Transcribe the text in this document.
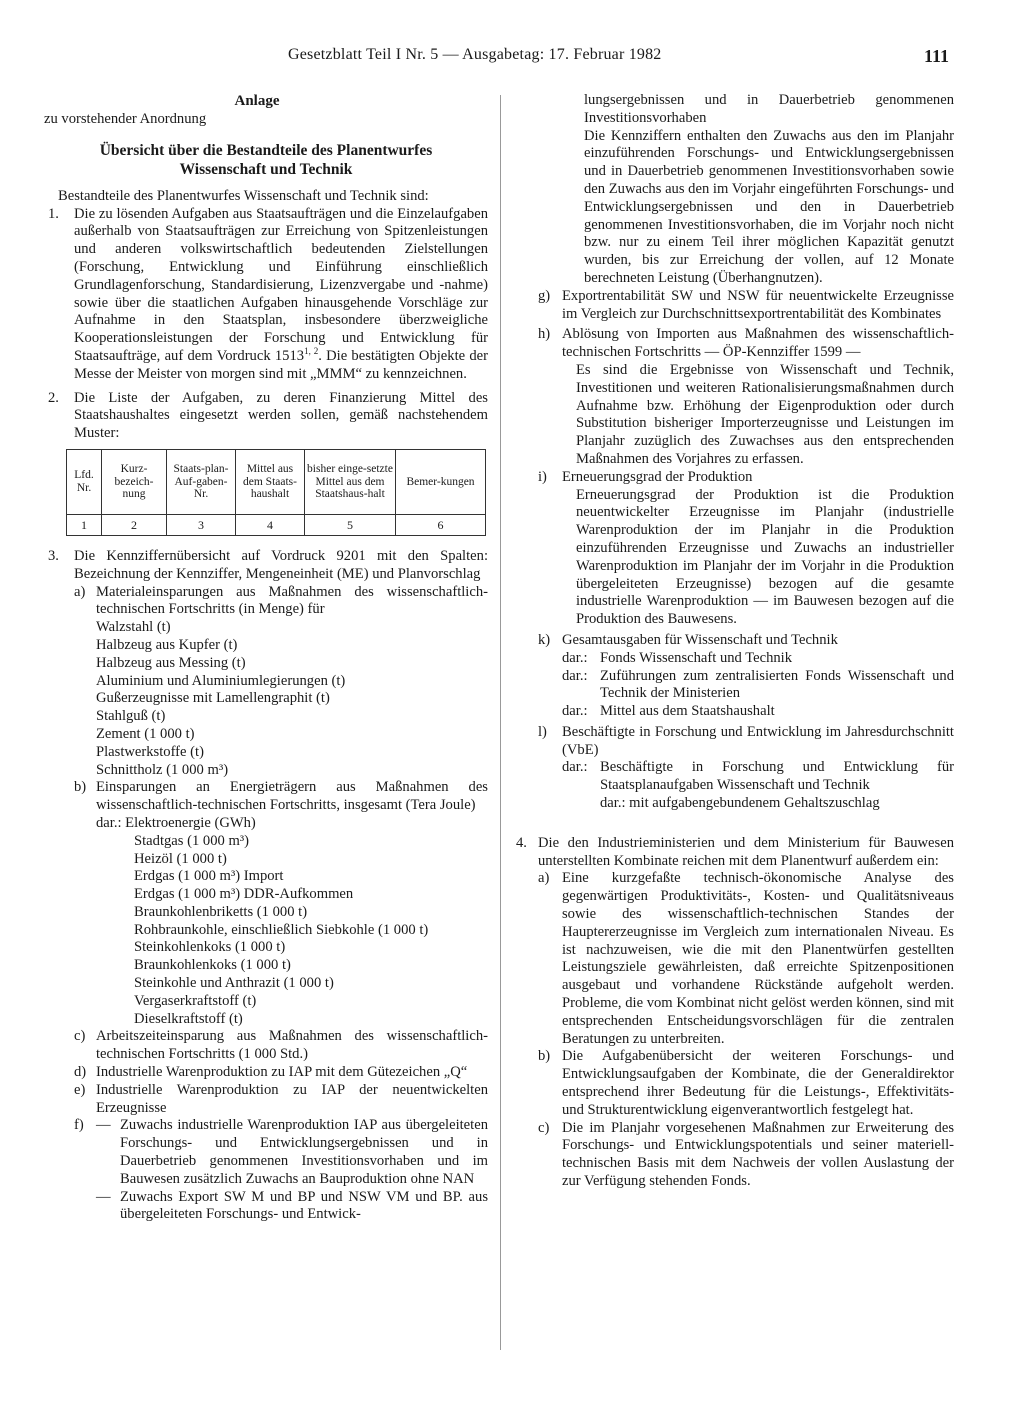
Gesetzblatt Teil I Nr. 5 — Ausgabetag: 17. Februar 1982	111

Anlage

zu vorstehender Anordnung

Übersicht über die Bestandteile des Planentwurfes

Wissenschaft und Technik

Bestandteile des Planentwurfes Wissenschaft und Technik sind:

1. Die zu lösenden Aufgaben aus Staatsaufträgen und die Einzelaufgaben außerhalb von Staatsaufträgen zur Erreichung von Spitzenleistungen und anderen volkswirtschaftlich bedeutenden Zielstellungen (Forschung, Entwicklung und Einführung einschließlich Grundlagenforschung, Standardisierung, Lizenzvergabe und -nahme) sowie über die staatlichen Aufgaben hinausgehende Vorschläge zur Aufnahme in den Staatsplan, insbesondere überzweigliche Kooperationsleistungen der Forschung und Entwicklung für Staatsaufträge, auf dem Vordruck 1513$^{1, 2}$. Die bestätigten Objekte der Messe der Meister von morgen sind mit „MMM“ zu kennzeichnen.
2. Die Liste der Aufgaben, zu deren Finanzierung Mittel des Staatshaushaltes eingesetzt werden sollen, gemäß nachstehendem Muster:
Lfd. Nr.	Kurz-bezeich-nung	Staats-plan-Auf-gaben-Nr.	Mittel aus dem Staats-haushalt	bisher einge-setzte Mittel aus dem Staatshaus-halt	Bemer-kungen
1	2	3	4	5	6
3. Die Kennziffernübersicht auf Vordruck 9201 mit den Spalten: Bezeichnung der Kennziffer, Mengeneinheit (ME) und Planvorschlag
a) Materialeinsparungen aus Maßnahmen des wissenschaftlich-technischen Fortschritts (in Menge) für
Walzstahl (t)
Halbzeug aus Kupfer (t)
Halbzeug aus Messing (t)
Aluminium und Aluminiumlegierungen (t)
Gußerzeugnisse mit Lamellengraphit (t)
Stahlguß (t)
Zement (1 000 t)
Plastwerkstoffe (t)
Schnittholz (1 000 m³)
b) Einsparungen an Energieträgern aus Maßnahmen des wissenschaftlich-technischen Fortschritts, insgesamt (Tera Joule)
dar.: Elektroenergie (GWh)
Stadtgas (1 000 m³)
Heizöl (1 000 t)
Erdgas (1 000 m³) Import
Erdgas (1 000 m³) DDR-Aufkommen
Braunkohlenbriketts (1 000 t)
Rohbraunkohle, einschließlich Siebkohle (1 000 t)
Steinkohlenkoks (1 000 t)
Braunkohlenkoks (1 000 t)
Steinkohle und Anthrazit (1 000 t)
Vergaserkraftstoff (t)
Dieselkraftstoff (t)
c) Arbeitszeiteinsparung aus Maßnahmen des wissenschaftlich-technischen Fortschritts (1 000 Std.)
d) Industrielle Warenproduktion zu IAP mit dem Gütezeichen „Q“
e) Industrielle Warenproduktion zu IAP der neuentwickelten Erzeugnisse
f) — Zuwachs industrielle Warenproduktion IAP aus übergeleiteten Forschungs- und Entwicklungsergebnissen und in Dauerbetrieb genommenen Investitionsvorhaben und im Bauwesen zusätzlich Zuwachs an Bauproduktion ohne NAN
— Zuwachs Export SW M und BP und NSW VM und BP. aus übergeleiteten Forschungs- und Entwick-

lungsergebnissen und in Dauerbetrieb genommenen Investitionsvorhaben

Die Kennziffern enthalten den Zuwachs aus den im Planjahr einzuführenden Forschungs- und Entwicklungsergebnissen und in Dauerbetrieb genommenen Investitionsvorhaben sowie den Zuwachs aus den im Vorjahr eingeführten Forschungs- und Entwicklungsergebnissen und den in Dauerbetrieb genommenen Investitionsvorhaben, die im Vorjahr noch nicht bzw. nur zu einem Teil ihrer möglichen Kapazität genutzt wurden, bis zur Erreichung der vollen, auf 12 Monate berechneten Leistung (Überhangnutzen).

g) Exportrentabilität SW und NSW für neuentwickelte Erzeugnisse im Vergleich zur Durchschnittsexportrentabilität des Kombinates
h) Ablösung von Importen aus Maßnahmen des wissenschaftlich-technischen Fortschritts — ÖP-Kennziffer 1599 —

Es sind die Ergebnisse von Wissenschaft und Technik, Investitionen und weiteren Rationalisierungsmaßnahmen durch Aufnahme bzw. Erhöhung der Eigenproduktion oder durch Substitution bisheriger Importerzeugnisse und Leistungen im Planjahr zuzüglich des Zuwachses aus den entsprechenden Maßnahmen des Vorjahres zu erfassen.

i) Erneuerungsgrad der Produktion

Erneuerungsgrad der Produktion ist die Produktion neuentwickelter Erzeugnisse im Planjahr (industrielle Warenproduktion der im Planjahr in die Produktion einzuführenden Erzeugnisse und Zuwachs an industrieller Warenproduktion im Planjahr der im Vorjahr in die Produktion übergeleiteten Erzeugnisse) bezogen auf die gesamte industrielle Warenproduktion — im Bauwesen bezogen auf die Produktion des Bauwesens.

k) Gesamtausgaben für Wissenschaft und Technik
dar.: Fonds Wissenschaft und Technik
dar.: Zuführungen zum zentralisierten Fonds Wissenschaft und Technik der Ministerien
dar.: Mittel aus dem Staatshaushalt
l) Beschäftigte in Forschung und Entwicklung im Jahresdurchschnitt (VbE)
dar.: Beschäftigte in Forschung und Entwicklung für Staatsplanaufgaben Wissenschaft und Technik
dar.: mit aufgabengebundenem Gehaltszuschlag
4. Die den Industrieministerien und dem Ministerium für Bauwesen unterstellten Kombinate reichen mit dem Planentwurf außerdem ein:
a) Eine kurzgefaßte technisch-ökonomische Analyse des gegenwärtigen Produktivitäts-, Kosten- und Qualitätsniveaus sowie des wissenschaftlich-technischen Standes der Hauptererzeugnisse im Vergleich zum internationalen Niveau. Es ist nachzuweisen, wie die mit den Planentwürfen gestellten Leistungsziele gewährleisten, daß erreichte Spitzenpositionen ausgebaut und vorhandene Rückstände aufgeholt werden. Probleme, die vom Kombinat nicht gelöst werden können, sind mit entsprechenden Entscheidungsvorschlägen für die zentralen Beratungen zu unterbreiten.
b) Die Aufgabenübersicht der weiteren Forschungs- und Entwicklungsaufgaben der Kombinate, die der Generaldirektor entsprechend ihrer Bedeutung für die Leistungs-, Effektivitäts- und Strukturentwicklung eigenverantwortlich festgelegt hat.
c) Die im Planjahr vorgesehenen Maßnahmen zur Erweiterung des Forschungs- und Entwicklungspotentials und seiner materiell-technischen Basis mit dem Nachweis der vollen Auslastung der zur Verfügung stehenden Fonds.
